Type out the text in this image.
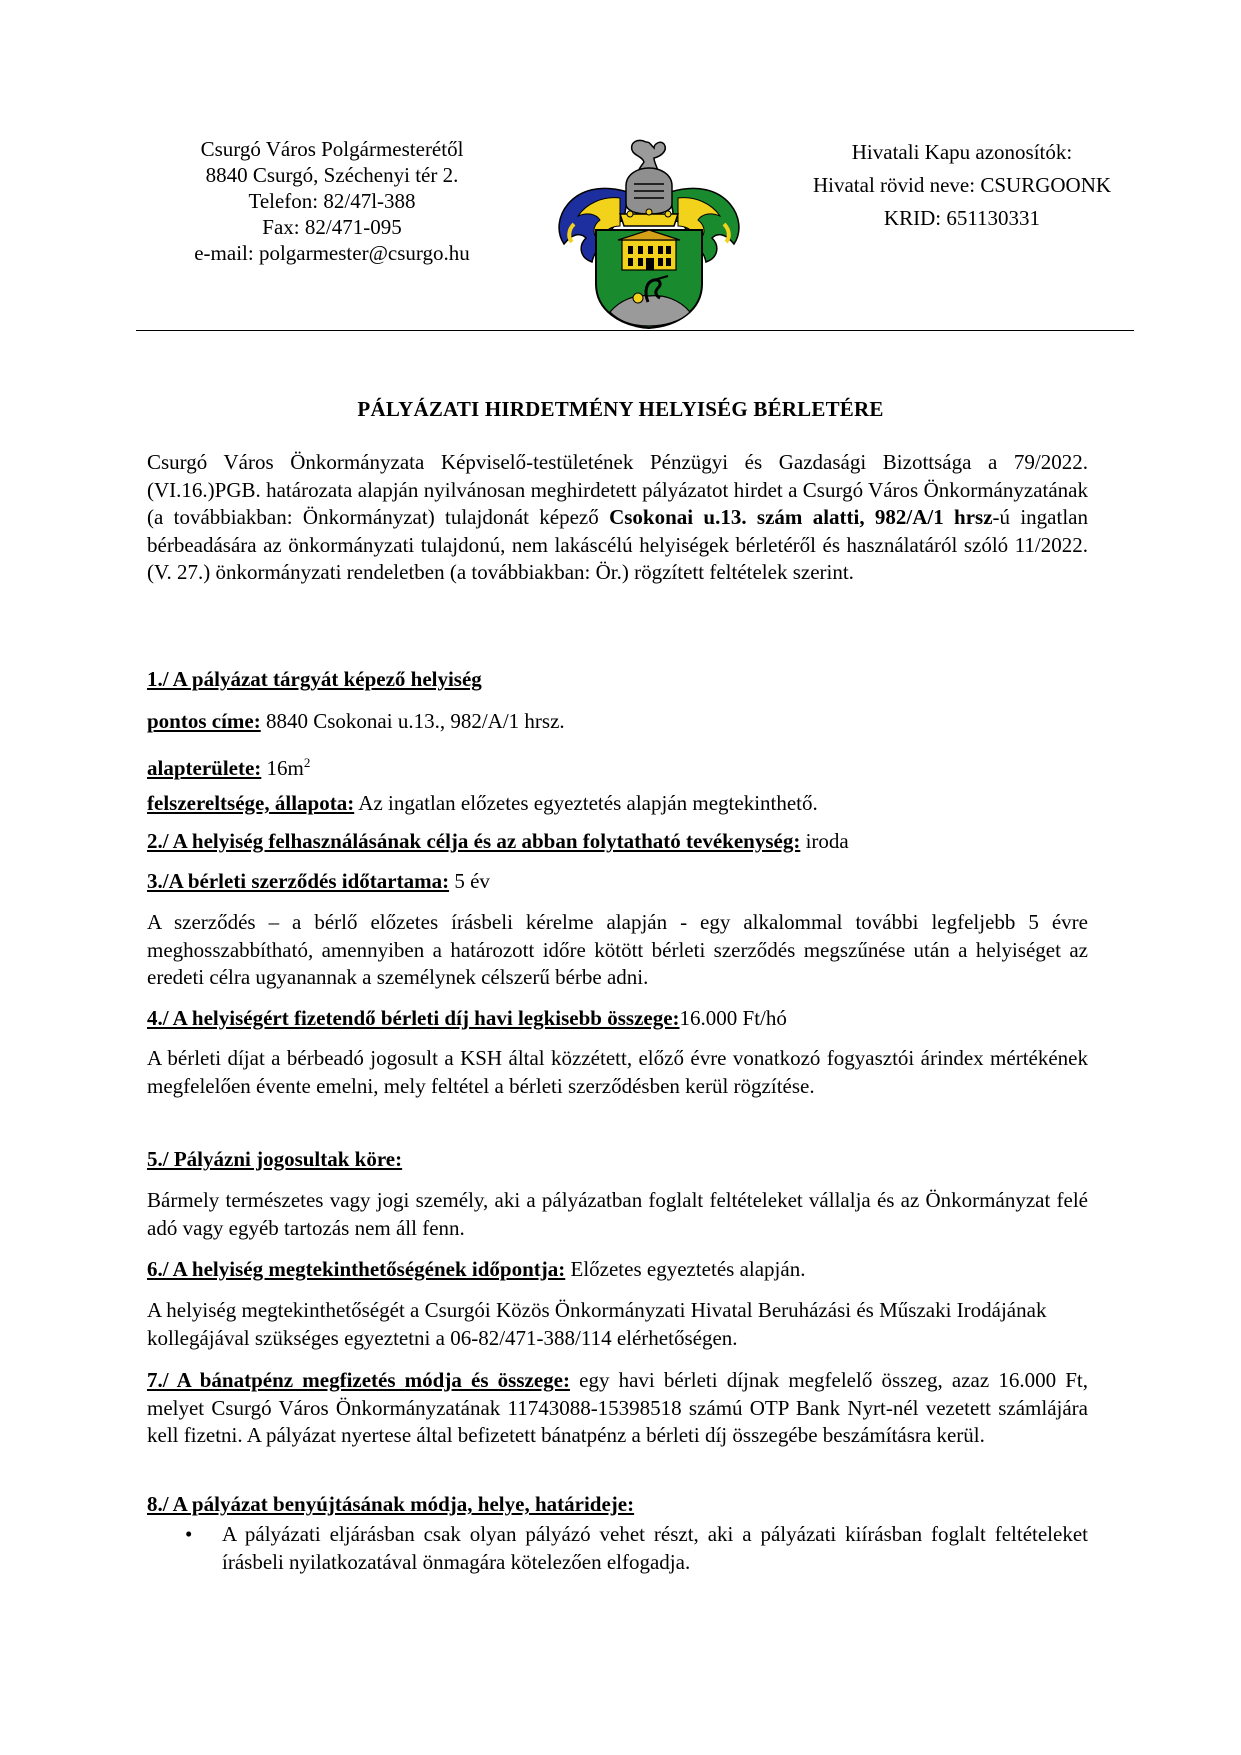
Csurgó Város Polgármesterétől
8840 Csurgó, Széchenyi tér 2.
Telefon: 82/47l-388
Fax: 82/471-095
e-mail: polgarmester@csurgo.hu
Hivatali Kapu azonosítók:
Hivatal rövid neve: CSURGOONK
KRID: 651130331
PÁLYÁZATI HIRDETMÉNY HELYISÉG BÉRLETÉRE
Csurgó Város Önkormányzata Képviselő-testületének Pénzügyi és Gazdasági Bizottsága a 79/2022. (VI.16.)PGB. határozata alapján nyilvánosan meghirdetett pályázatot hirdet a Csurgó Város Önkormányzatának (a továbbiakban: Önkormányzat) tulajdonát képező Csokonai u.13. szám alatti, 982/A/1 hrsz-ú ingatlan bérbeadására az önkormányzati tulajdonú, nem lakáscélú helyiségek bérletéről és használatáról szóló 11/2022. (V. 27.) önkormányzati rendeletben (a továbbiakban: Ör.) rögzített feltételek szerint.
1./ A pályázat tárgyát képező helyiség
pontos címe: 8840 Csokonai u.13., 982/A/1 hrsz.
alapterülete: $16m^2$
felszereltsége, állapota: Az ingatlan előzetes egyeztetés alapján megtekinthető.
2./ A helyiség felhasználásának célja és az abban folytatható tevékenység: iroda
3./A bérleti szerződés időtartama: 5 év
A szerződés – a bérlő előzetes írásbeli kérelme alapján - egy alkalommal további legfeljebb 5 évre meghosszabbítható, amennyiben a határozott időre kötött bérleti szerződés megszűnése után a helyiséget az eredeti célra ugyanannak a személynek célszerű bérbe adni.
4./ A helyiségért fizetendő bérleti díj havi legkisebb összege:16.000 Ft/hó
A bérleti díjat a bérbeadó jogosult a KSH által közzétett, előző évre vonatkozó fogyasztói árindex mértékének megfelelően évente emelni, mely feltétel a bérleti szerződésben kerül rögzítése.
5./ Pályázni jogosultak köre:
Bármely természetes vagy jogi személy, aki a pályázatban foglalt feltételeket vállalja és az Önkormányzat felé adó vagy egyéb tartozás nem áll fenn.
6./ A helyiség megtekinthetőségének időpontja: Előzetes egyeztetés alapján.
A helyiség megtekinthetőségét a Csurgói Közös Önkormányzati Hivatal Beruházási és Műszaki Irodájának kollegájával szükséges egyeztetni a 06-82/471-388/114 elérhetőségen.
7./ A bánatpénz megfizetés módja és összege: egy havi bérleti díjnak megfelelő összeg, azaz 16.000 Ft, melyet Csurgó Város Önkormányzatának 11743088-15398518 számú OTP Bank Nyrt-nél vezetett számlájára kell fizetni. A pályázat nyertese által befizetett bánatpénz a bérleti díj összegébe beszámításra kerül.
8./ A pályázat benyújtásának módja, helye, határideje:
•	A pályázati eljárásban csak olyan pályázó vehet részt, aki a pályázati kiírásban foglalt feltételeket írásbeli nyilatkozatával önmagára kötelezően elfogadja.
